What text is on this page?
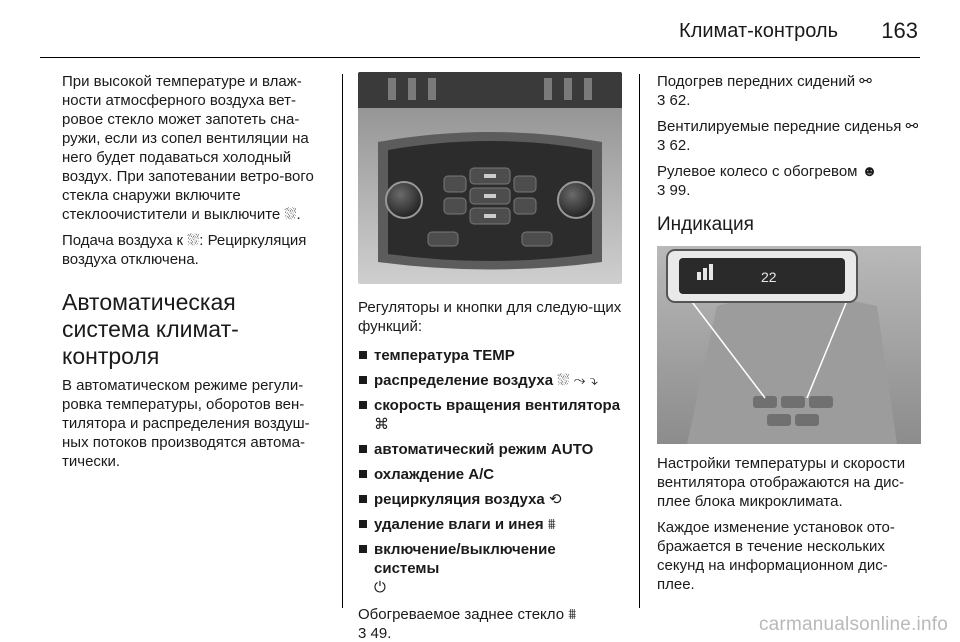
Климат-контроль 163

При высокой температуре и влаж-ности атмосферного воздуха вет-ровое стекло может запотеть сна-ружи, если из сопел вентиляции на него будет подаваться холодный воздух. При запотевании ветро-вого стекла снаружи включите стеклоочистители и выключите ⛆.

Подача воздуха к ⛆: Рециркуляция воздуха отключена.

Автоматическая система климат-контроля

В автоматическом режиме регули-ровка температуры, оборотов вен-тилятора и распределения воздуш-ных потоков производятся автома-тически.

Регуляторы и кнопки для следую-щих функций:

температура TEMP
распределение воздуха ⛆ ⤳ ⤵
скорость вращения вентилятора
⌘
автоматический режим AUTO
охлаждение A/C
рециркуляция воздуха ⟲
удаление влаги и инея ⩩
включение/выключение системы
⏻

Обогреваемое заднее стекло ⩩
3 49.

Подогрев передних сидений ⚯
3 62.

Вентилируемые передние сиденья ⚯ 3 62.

Рулевое колесо с обогревом ☻
3 99.

Индикация
22

Настройки температуры и скорости вентилятора отображаются на дис-плее блока микроклимата.

Каждое изменение установок ото-бражается в течение нескольких секунд на информационном дис-плее.

carmanualsonline.info
